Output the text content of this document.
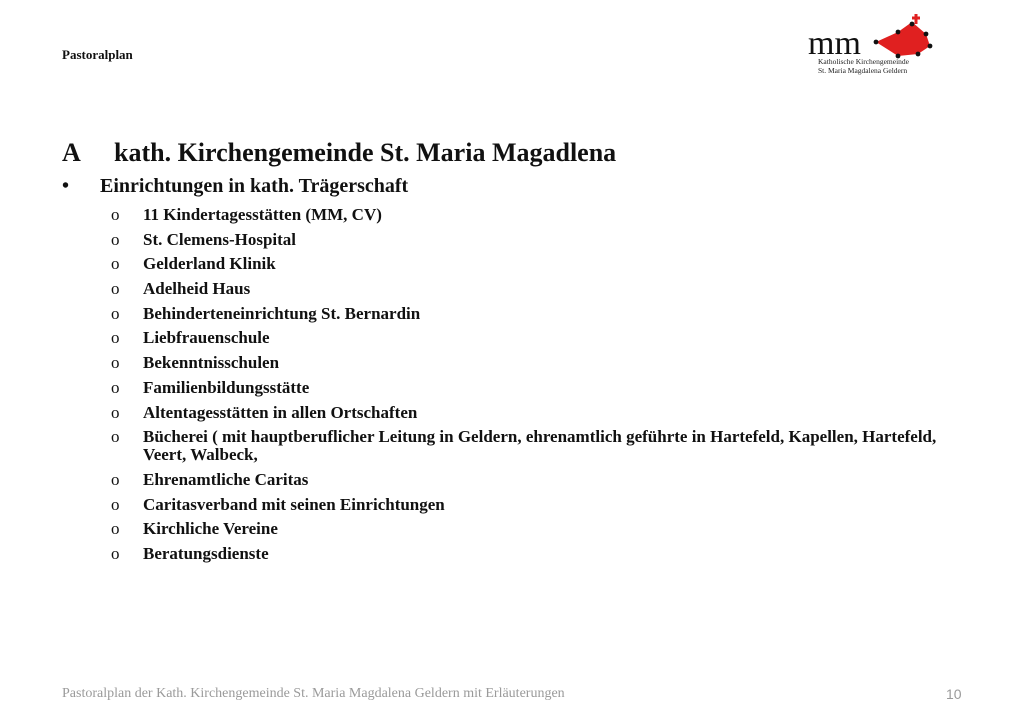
Pastoralplan	mm
Katholische Kirchengemeinde
St. Maria Magdalena Geldern
A kath. Kirchengemeinde St. Maria Magadlena
• Einrichtungen in kath. Trägerschaft
o	11 Kindertagesstätten (MM, CV)
o	St. Clemens-Hospital
o	Gelderland Klinik
o	Adelheid Haus
o	Behinderteneinrichtung St. Bernardin
o	Liebfrauenschule
o	Bekenntnisschulen
o	Familienbildungsstätte
o	Altentagesstätten in allen Ortschaften
o	Bücherei ( mit hauptberuflicher Leitung in Geldern, ehrenamtlich geführte in Hartefeld, Kapellen, Hartefeld, Veert, Walbeck,
o	Ehrenamtliche Caritas
o	Caritasverband mit seinen Einrichtungen
o	Kirchliche Vereine
o	Beratungsdienste
Pastoralplan der Kath. Kirchengemeinde St. Maria Magdalena Geldern mit Erläuterungen	10
